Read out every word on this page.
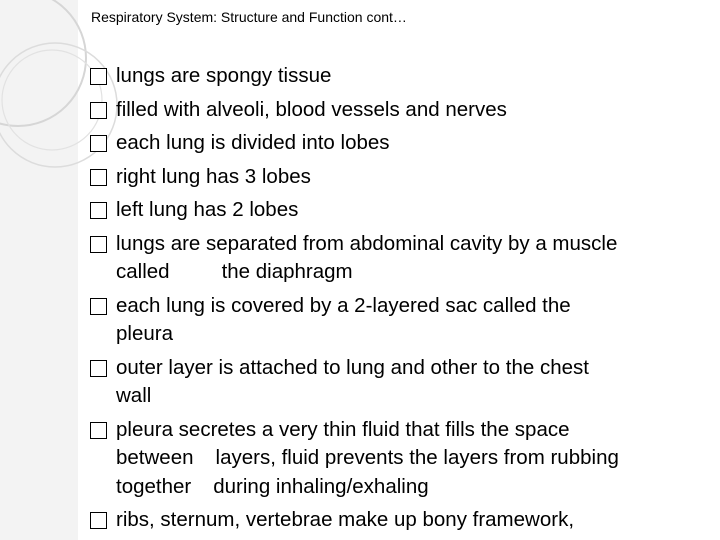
Respiratory System: Structure and Function cont…
lungs are spongy tissue
filled with alveoli, blood vessels and nerves
each lung is divided into lobes
right lung has 3 lobes
left lung has 2 lobes
lungs are separated from abdominal cavity by a muscle
called	the diaphragm
each lung is covered by a 2-layered sac called the
pleura
outer layer is attached to lung and other to the chest
wall
pleura secretes a very thin fluid that fills the space
between layers, fluid prevents the layers from rubbing
together during inhaling/exhaling
ribs, sternum, vertebrae make up bony framework,
